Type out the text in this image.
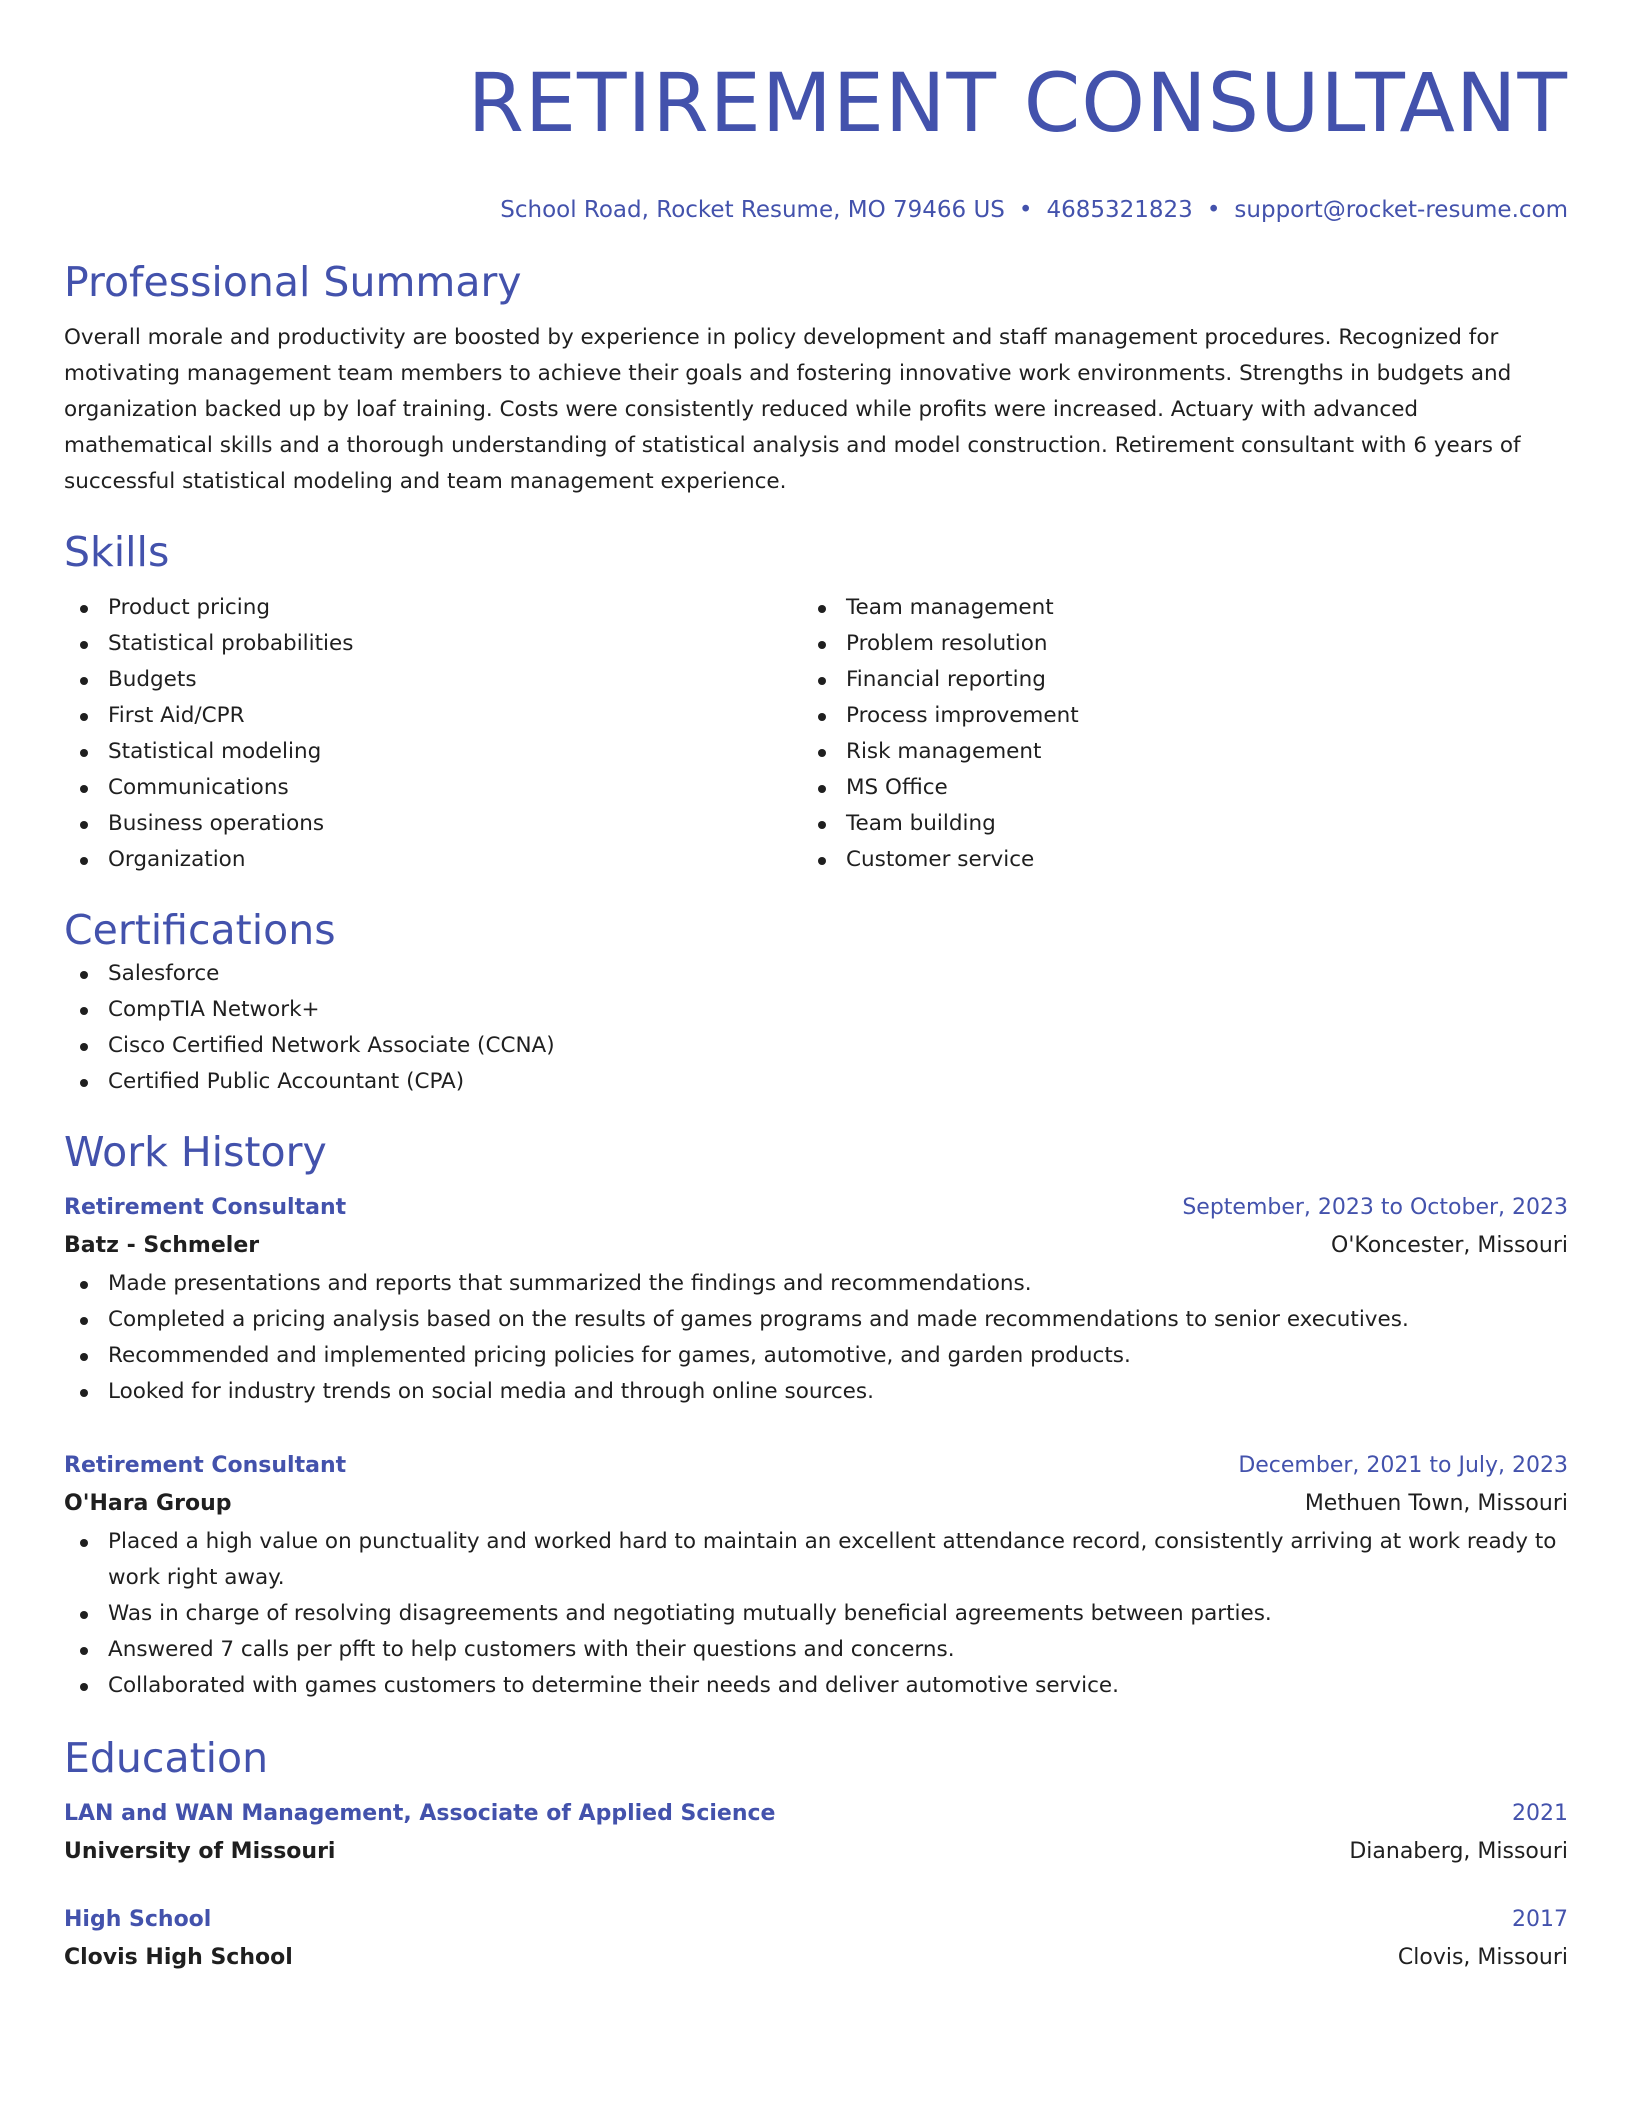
RETIREMENT CONSULTANT
School Road, Rocket Resume, MO 79466 US • 4685321823 • support@rocket-resume.com
Professional Summary

Overall morale and productivity are boosted by experience in policy development and staff management procedures. Recognized for motivating management team members to achieve their goals and fostering innovative work environments. Strengths in budgets and organization backed up by loaf training. Costs were consistently reduced while profits were increased. Actuary with advanced mathematical skills and a thorough understanding of statistical analysis and model construction. Retirement consultant with 6 years of successful statistical modeling and team management experience.

Skills
Product pricing
Statistical probabilities
Budgets
First Aid/CPR
Statistical modeling
Communications
Business operations
Organization
Team management
Problem resolution
Financial reporting
Process improvement
Risk management
MS Office
Team building
Customer service
Certifications
Salesforce
CompTIA Network+
Cisco Certified Network Associate (CCNA)
Certified Public Accountant (CPA)
Work History
Retirement Consultant	September, 2023 to October, 2023
Batz - Schmeler	O'Koncester, Missouri
Made presentations and reports that summarized the findings and recommendations.
Completed a pricing analysis based on the results of games programs and made recommendations to senior executives.
Recommended and implemented pricing policies for games, automotive, and garden products.
Looked for industry trends on social media and through online sources.
Retirement Consultant	December, 2021 to July, 2023
O'Hara Group	Methuen Town, Missouri
Placed a high value on punctuality and worked hard to maintain an excellent attendance record, consistently arriving at work ready to work right away.
Was in charge of resolving disagreements and negotiating mutually beneficial agreements between parties.
Answered 7 calls per pfft to help customers with their questions and concerns.
Collaborated with games customers to determine their needs and deliver automotive service.
Education
LAN and WAN Management, Associate of Applied Science	2021
University of Missouri	Dianaberg, Missouri
High School	2017
Clovis High School	Clovis, Missouri
